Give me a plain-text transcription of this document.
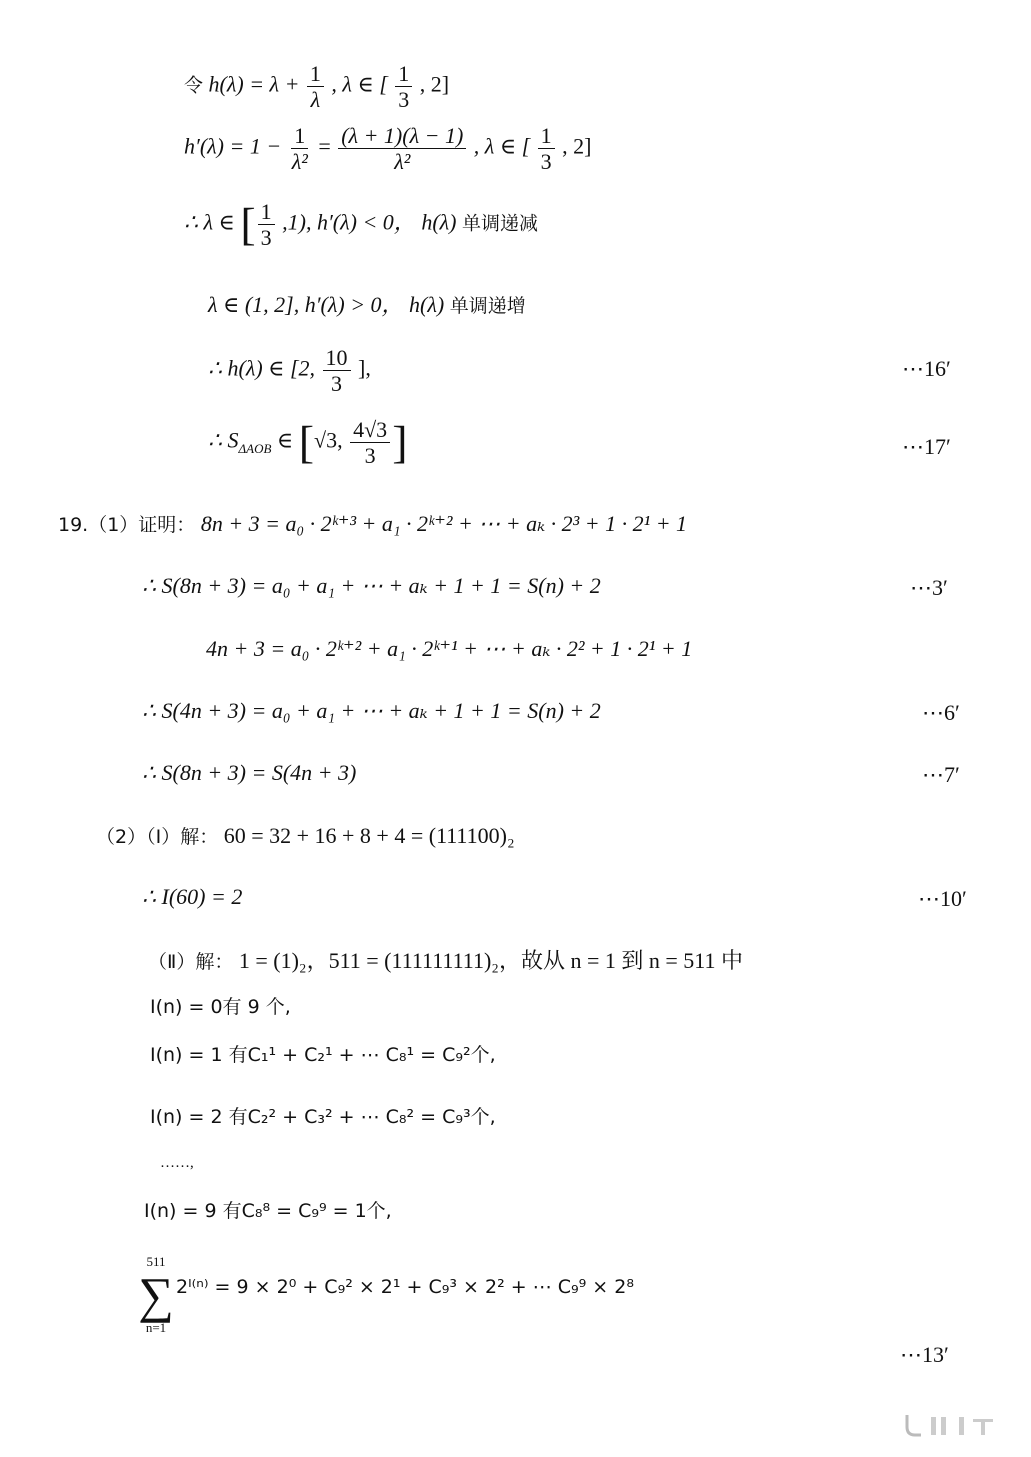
令 $h(\lambda) = \lambda + \frac{1}{\lambda}$ , λ ∈ [ $\frac{1}{3}$ , 2]
$h'(\lambda) = 1 - \frac{1}{\text{λ²}} = \frac{(\lambda + 1)(\lambda - 1)}{\text{λ²}}$ , λ ∈ [ $\frac{1}{3}$ , 2]
∴ λ ∈ [ $\frac{1}{3} ,1$), h′(λ) < 0， h(λ) 单调递减
λ ∈ (1, 2], h′(λ) > 0， h(λ) 单调递增
∴ h(λ) ∈ [2, $\frac{10}{3}$ ],	⋯16′
∴ $S_{\Delta AOB}$ ∈ [√3, $\frac{4√3}{3}$ ]	⋯17′
19.（1）证明： 8n + 3 = a₀ · 2ᵏ⁺³ + a₁ · 2ᵏ⁺² + ⋯ + aₖ · 2³ + 1 · 2¹ + 1
∴ S(8n + 3) = a₀ + a₁ + ⋯ + aₖ + 1 + 1 = S(n) + 2	⋯3′
4n + 3 = a₀ · 2ᵏ⁺² + a₁ · 2ᵏ⁺¹ + ⋯ + aₖ · 2² + 1 · 2¹ + 1
∴ S(4n + 3) = a₀ + a₁ + ⋯ + aₖ + 1 + 1 = S(n) + 2	⋯6′
∴ S(8n + 3) = S(4n + 3)	⋯7′
（2）（Ⅰ）解： 60 = 32 + 16 + 8 + 4 = (111100)₂
∴ I(60) = 2	⋯10′
（Ⅱ）解： 1 = (1)₂，511 = (111111111)₂，故从 n = 1 到 n = 511 中
I(n) = 0有 9 个,
I(n) = 1 有C₁¹ + C₂¹ + ⋯ C₈¹ = C₉²个,
I(n) = 2 有C₂² + C₃² + ⋯ C₈² = C₉³个,
……,
I(n) = 9 有C₈⁸ = C₉⁹ = 1个,
511
∑
n=1
2ᴵ⁽ⁿ⁾ = 9 × 2⁰ + C₉² × 2¹ + C₉³ × 2² + ⋯ C₉⁹ × 2⁸
⋯13′
